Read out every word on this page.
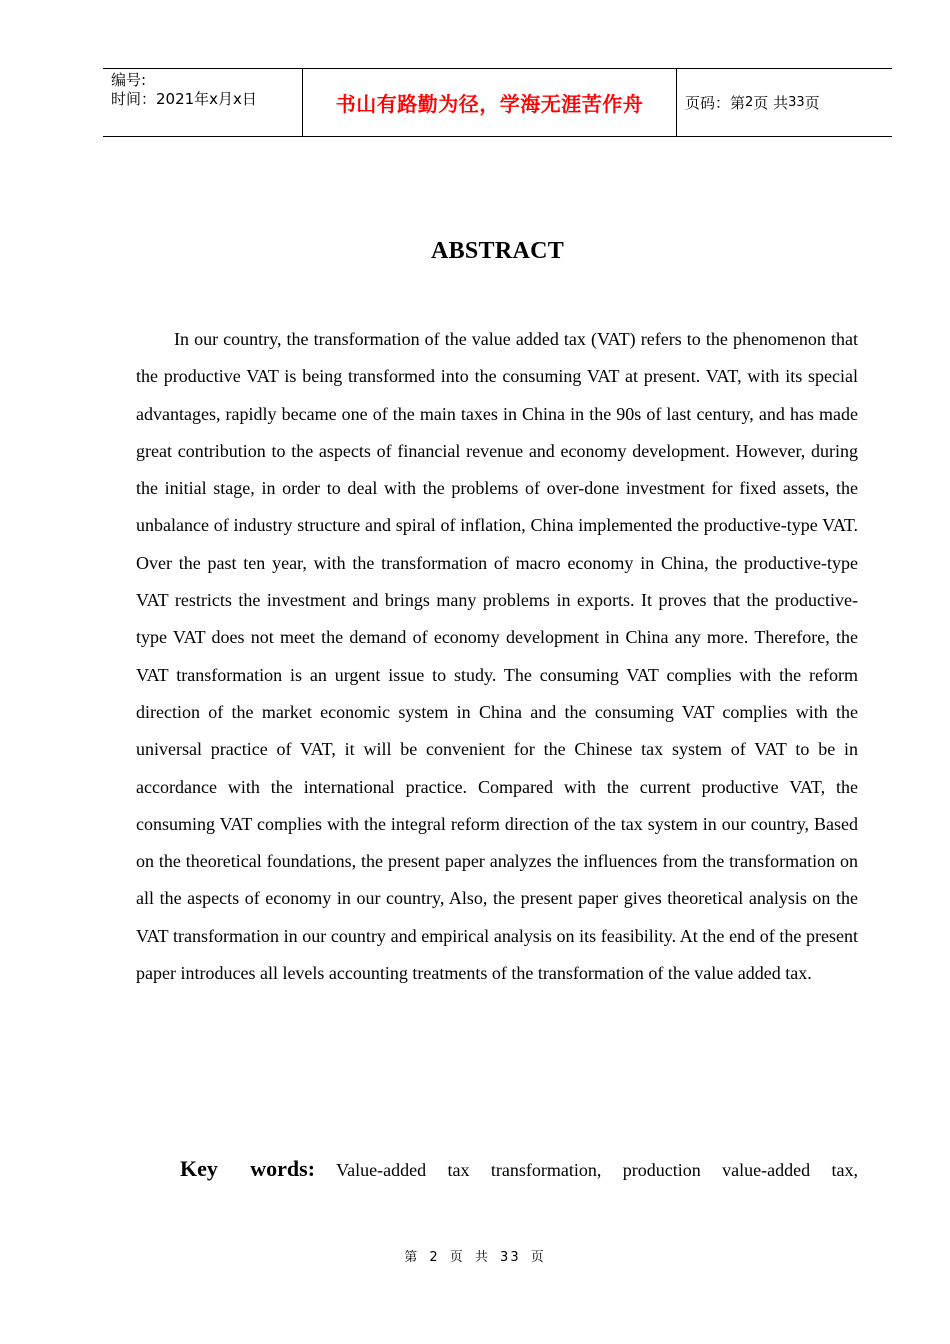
编号:
时间：2021年x月x日	书山有路勤为径，学海无涯苦作舟	页码：第 2 页 共 33 页
ABSTRACT
In our country, the transformation of the value added tax (VAT) refers to the phenomenon that the productive VAT is being transformed into the consuming VAT at present. VAT, with its special advantages, rapidly became one of the main taxes in China in the 90s of last century, and has made great contribution to the aspects of financial revenue and economy development. However, during the initial stage, in order to deal with the problems of over-done investment for fixed assets, the unbalance of industry structure and spiral of inflation, China implemented the productive-type VAT. Over the past ten year, with the transformation of macro economy in China, the productive-type VAT restricts the investment and brings many problems in exports. It proves that the productive-type VAT does not meet the demand of economy development in China any more. Therefore, the VAT transformation is an urgent issue to study. The consuming VAT complies with the reform direction of the market economic system in China and the consuming VAT complies with the universal practice of VAT, it will be convenient for the Chinese tax system of VAT to be in accordance with the international practice. Compared with the current productive VAT, the consuming VAT complies with the integral reform direction of the tax system in our country, Based on the theoretical foundations, the present paper analyzes the influences from the transformation on all the aspects of economy in our country, Also, the present paper gives theoretical analysis on the VAT transformation in our country and empirical analysis on its feasibility. At the end of the present paper introduces all levels accounting treatments of the transformation of the value added tax.
Key words: Value-added tax transformation, production value-added tax,
第 2 页 共 33 页
